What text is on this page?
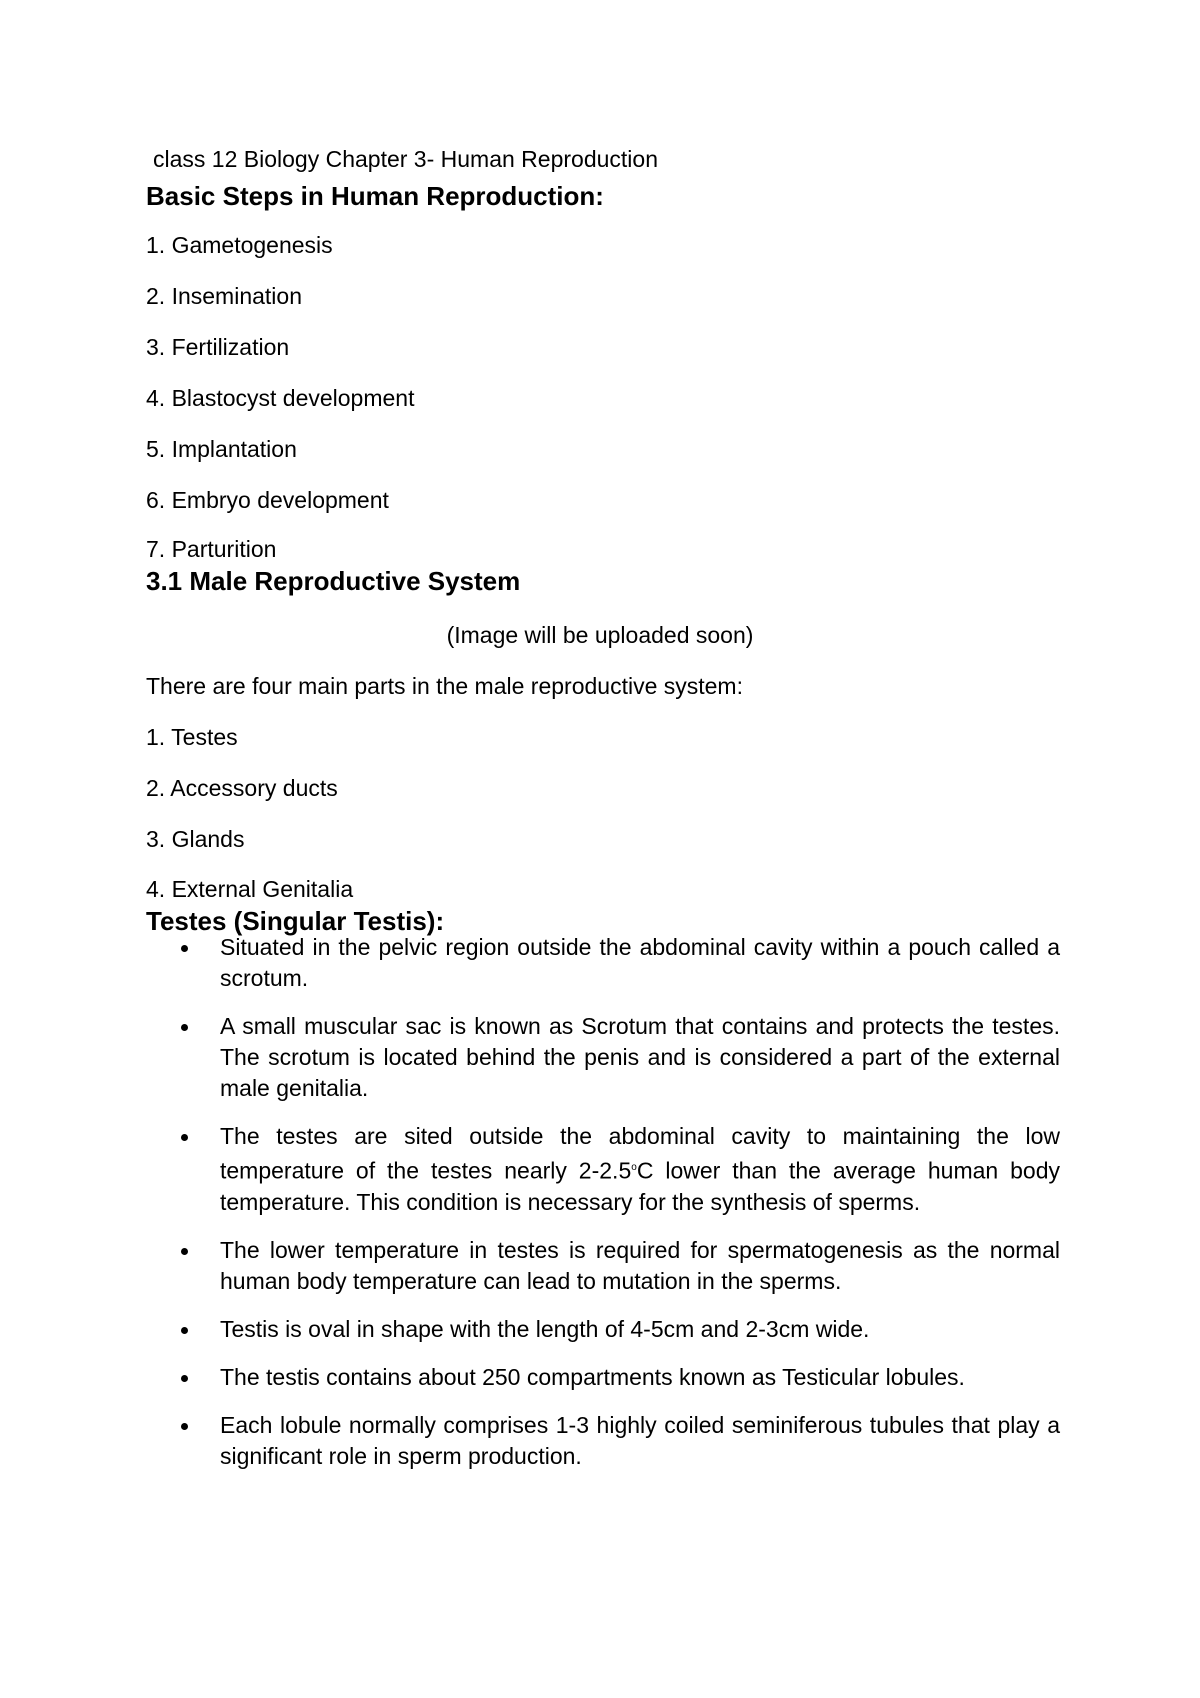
class 12 Biology Chapter 3- Human Reproduction

Basic Steps in Human Reproduction:

1. Gametogenesis

2. Insemination

3. Fertilization

4. Blastocyst development

5. Implantation

6. Embryo development

7. Parturition

3.1 Male Reproductive System

(Image will be uploaded soon)

There are four main parts in the male reproductive system:

1. Testes

2. Accessory ducts

3. Glands

4. External Genitalia

Testes (Singular Testis):

Situated in the pelvic region outside the abdominal cavity within a pouch called a scrotum.
A small muscular sac is known as Scrotum that contains and protects the testes. The scrotum is located behind the penis and is considered a part of the external male genitalia.
The testes are sited outside the abdominal cavity to maintaining the low temperature of the testes nearly 2-2.5$^o$C lower than the average human body temperature. This condition is necessary for the synthesis of sperms.
The lower temperature in testes is required for spermatogenesis as the normal human body temperature can lead to mutation in the sperms.
Testis is oval in shape with the length of 4-5cm and 2-3cm wide.
The testis contains about 250 compartments known as Testicular lobules.
Each lobule normally comprises 1-3 highly coiled seminiferous tubules that play a significant role in sperm production.
